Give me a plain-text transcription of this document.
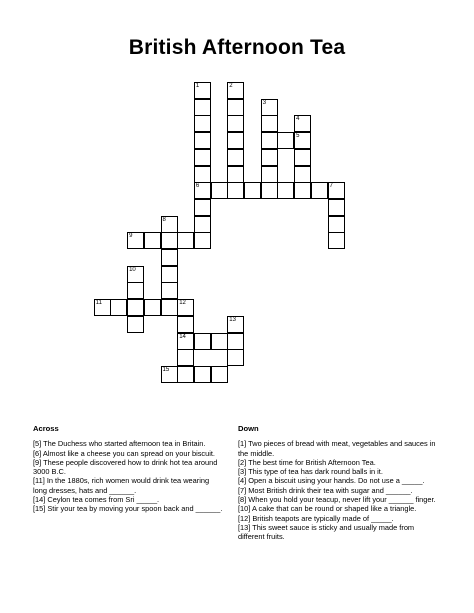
British Afternoon Tea
1
6
2
3
4
5
7
8
9
10
11	12
14
13
15
Across

[5] The Duchess who started afternoon tea in Britain.

[6] Almost like a cheese you can spread on your biscuit.

[9] These people discovered how to drink hot tea around 3000 B.C.

[11] In the 1880s, rich women would drink tea wearing long dresses, hats and ______.

[14] Ceylon tea comes from Sri _____.

[15] Stir your tea by moving your spoon back and ______.

Down

[1] Two pieces of bread with meat, vegetables and sauces in the middle.

[2] The best time for British Afternoon Tea.

[3] This type of tea has dark round balls in it.

[4] Open a biscuit using your hands. Do not use a _____.

[7] Most British drink their tea with sugar and ______.

[8] When you hold your teacup, never lift your ______ finger.

[10] A cake that can be round or shaped like a triangle.

[12] British teapots are typically made of _____.

[13] This sweet sauce is sticky and usually made from different fruits.
